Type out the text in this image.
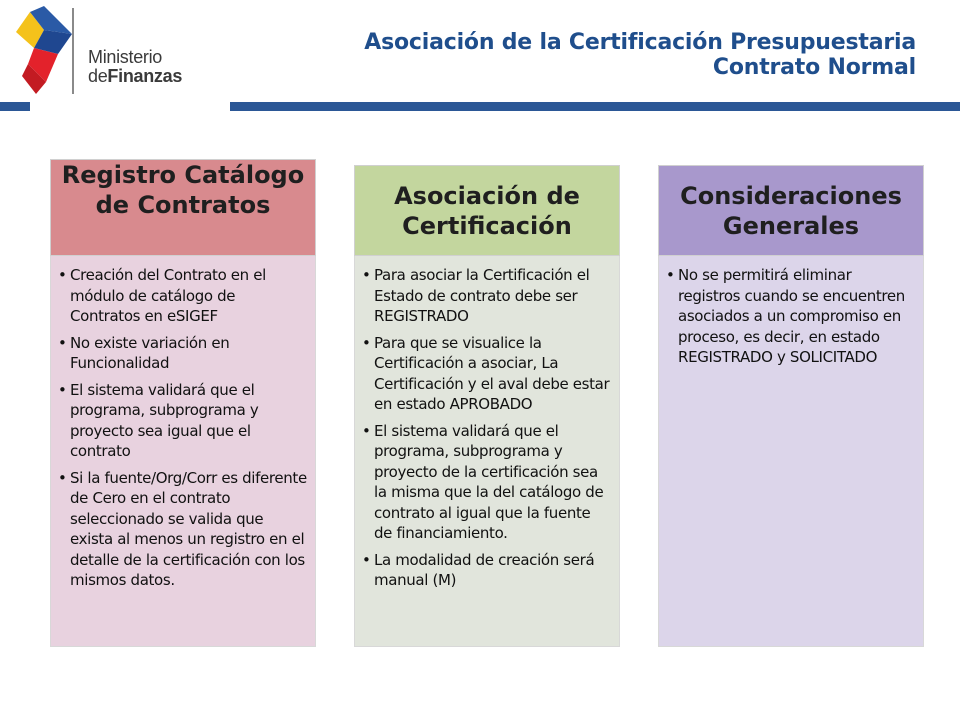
Ministerio
deFinanzas
Asociación de la Certificación Presupuestaria
Contrato Normal
Registro Catálogo de Contratos
• Creación del Contrato en el módulo de catálogo de Contratos en eSIGEF
• No existe variación en Funcionalidad
• El sistema validará que el programa, subprograma y proyecto sea igual que el contrato
• Si la fuente/Org/Corr es diferente de Cero en el contrato seleccionado se valida que exista al menos un registro en el detalle de la certificación con los mismos datos.
Asociación de Certificación
• Para asociar la Certificación el Estado de contrato debe ser REGISTRADO
• Para que se visualice la Certificación a asociar, La Certificación y el aval debe estar en estado APROBADO
• El sistema validará que el programa, subprograma y proyecto de la certificación sea la misma que la del catálogo de contrato al igual que la fuente de financiamiento.
• La modalidad de creación será manual (M)
Consideraciones Generales
• No se permitirá eliminar registros cuando se encuentren asociados a un compromiso en proceso, es decir, en estado REGISTRADO y SOLICITADO
